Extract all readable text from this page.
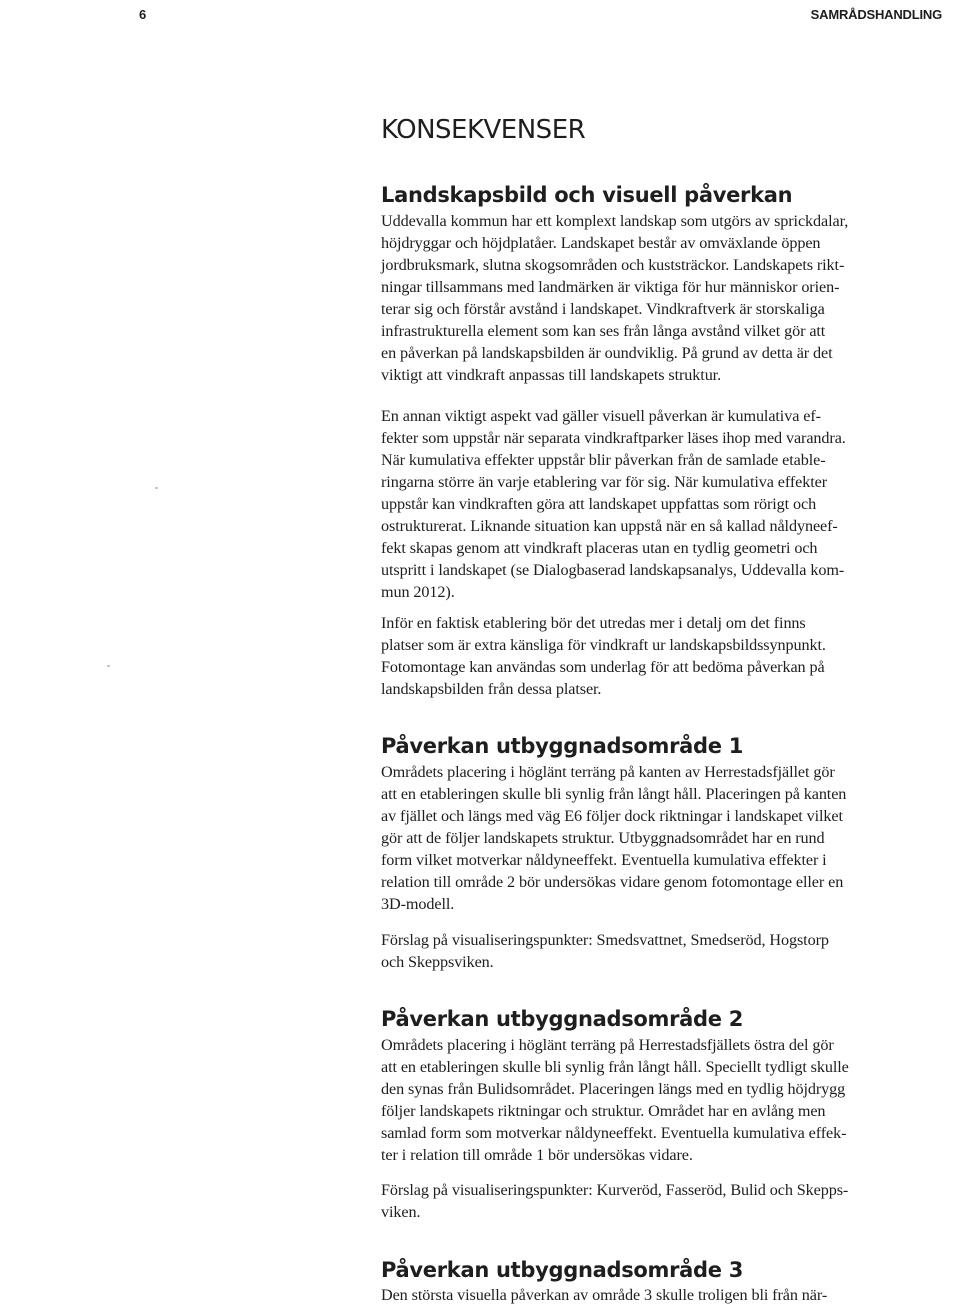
6	SAMRÅDSHANDLING
KONSEKVENSER
Landskapsbild och visuell påverkan

Uddevalla kommun har ett komplext landskap som utgörs av sprickdalar,
höjdryggar och höjdplatåer. Landskapet består av omväxlande öppen
jordbruksmark, slutna skogsområden och kuststräckor. Landskapets rikt-
ningar tillsammans med landmärken är viktiga för hur människor orien-
terar sig och förstår avstånd i landskapet. Vindkraftverk är storskaliga
infrastrukturella element som kan ses från långa avstånd vilket gör att
en påverkan på landskapsbilden är oundviklig. På grund av detta är det
viktigt att vindkraft anpassas till landskapets struktur.

En annan viktigt aspekt vad gäller visuell påverkan är kumulativa ef-
fekter som uppstår när separata vindkraftparker läses ihop med varandra.
När kumulativa effekter uppstår blir påverkan från de samlade etable-
ringarna större än varje etablering var för sig. När kumulativa effekter
uppstår kan vindkraften göra att landskapet uppfattas som rörigt och
ostrukturerat. Liknande situation kan uppstå när en så kallad nåldyneef-
fekt skapas genom att vindkraft placeras utan en tydlig geometri och
utspritt i landskapet (se Dialogbaserad landskapsanalys, Uddevalla kom-
mun 2012).

Inför en faktisk etablering bör det utredas mer i detalj om det finns
platser som är extra känsliga för vindkraft ur landskapsbildssynpunkt.
Fotomontage kan användas som underlag för att bedöma påverkan på
landskapsbilden från dessa platser.

Påverkan utbyggnadsområde 1

Områdets placering i höglänt terräng på kanten av Herrestadsfjället gör
att en etableringen skulle bli synlig från långt håll. Placeringen på kanten
av fjället och längs med väg E6 följer dock riktningar i landskapet vilket
gör att de följer landskapets struktur. Utbyggnadsområdet har en rund
form vilket motverkar nåldyneeffekt. Eventuella kumulativa effekter i
relation till område 2 bör undersökas vidare genom fotomontage eller en
3D-modell.

Förslag på visualiseringspunkter: Smedsvattnet, Smedseröd, Hogstorp
och Skeppsviken.

Påverkan utbyggnadsområde 2

Områdets placering i höglänt terräng på Herrestadsfjällets östra del gör
att en etableringen skulle bli synlig från långt håll. Speciellt tydligt skulle
den synas från Bulidsområdet. Placeringen längs med en tydlig höjdrygg
följer landskapets riktningar och struktur. Området har en avlång men
samlad form som motverkar nåldyneeffekt. Eventuella kumulativa effek-
ter i relation till område 1 bör undersökas vidare.

Förslag på visualiseringspunkter: Kurveröd, Fasseröd, Bulid och Skepps-
viken.

Påverkan utbyggnadsområde 3

Den största visuella påverkan av område 3 skulle troligen bli från när-
